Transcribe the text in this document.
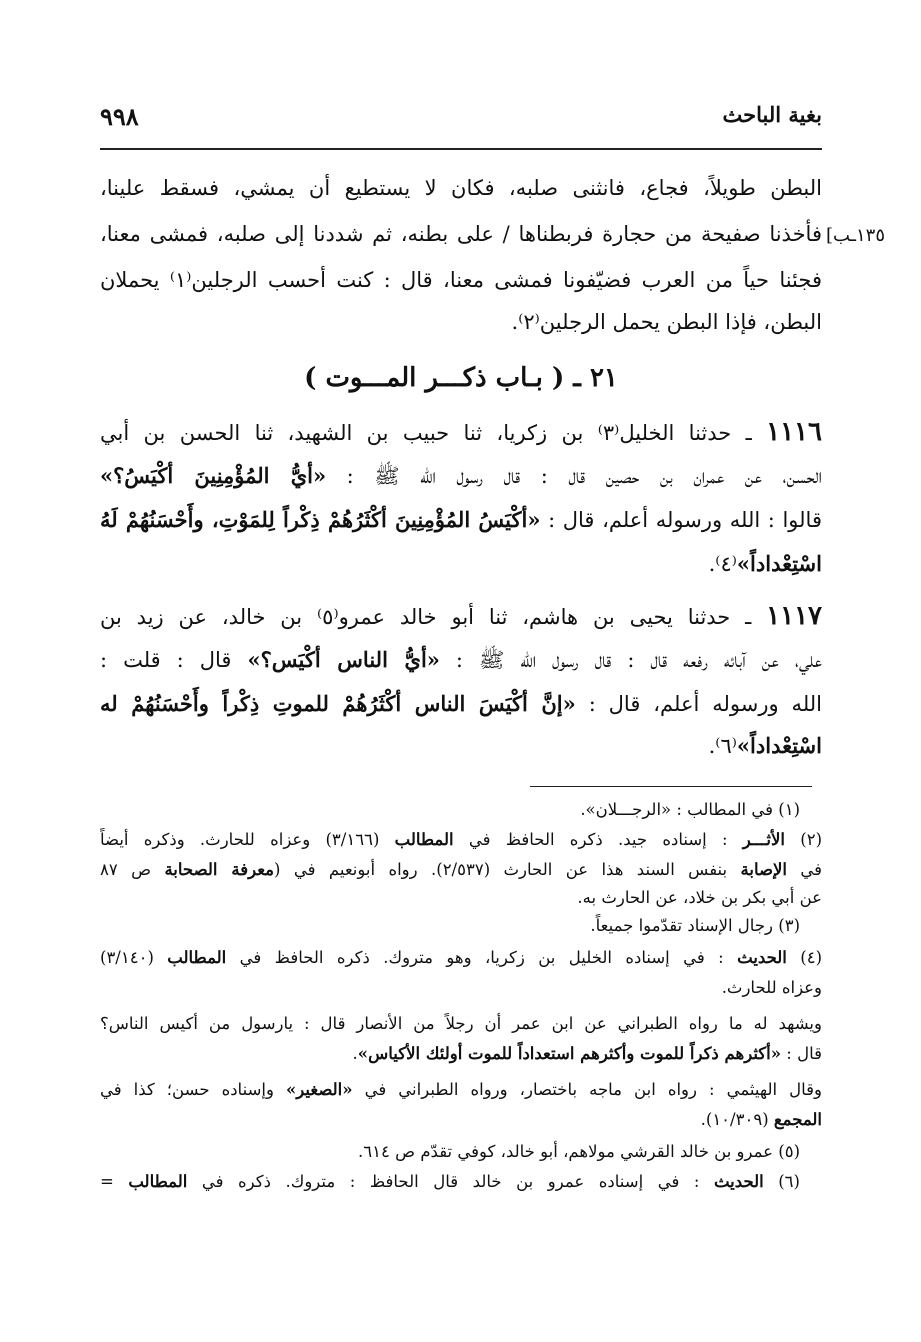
٩٩٨	بغية الباحث
[١٣٥ـب
البطن طويلاً، فجاع، فانثنى صلبه، فكان لا يستطيع أن يمشي، فسقط علينا،
فأخذنا صفيحة من حجارة فربطناها / على بطنه، ثم شددنا إلى صلبه، فمشى معنا،
فجئنا حياً من العرب فضيّفونا فمشى معنا، قال : كنت أحسب الرجلين⁽١⁾ يحملان
البطن، فإذا البطن يحمل الرجلين⁽٢⁾.
٢١ ـ ( بـاب ذكـــر المـــوت )
١١١٦ ـ حدثنا الخليل⁽٣⁾ بن زكريا، ثنا حبيب بن الشهيد، ثنا الحسن بن أبي
الحسن، عن عمران بن حصين قال : قال رسول الله ﷺ : «أيُّ المُؤْمِنِينَ أكْيَسُ؟»
قالوا : الله ورسوله أعلم، قال : «أكْيَسُ المُؤْمِنِينَ أكْثَرُهُمْ ذِكْراً لِلمَوْتِ، وأَحْسَنُهُمْ لَهُ
اسْتِعْداداً»⁽٤⁾.
١١١٧ ـ حدثنا يحيى بن هاشم، ثنا أبو خالد عمرو⁽٥⁾ بن خالد، عن زيد بن
علي، عن آبائه رفعه قال : قال رسول الله ﷺ : «أيُّ الناس أكْيَس؟» قال : قلت :
الله ورسوله أعلم، قال : «إنَّ أكْيَسَ الناس أكْثَرُهُمْ للموتِ ذِكْراً وأَحْسَنُهُمْ له
اسْتِعْداداً»⁽٦⁾.
(١) في المطالب : «الرجـــلان».
(٢) الأثـــر : إسناده جيد. ذكره الحافظ في المطالب (٣/١٦٦) وعزاه للحارث. وذكره أيضاً
في الإصابة بنفس السند هذا عن الحارث (٢/٥٣٧). رواه أبونعيم في (معرفة الصحابة ص ٨٧
عن أبي بكر بن خلاد، عن الحارث به.
(٣) رجال الإسناد تقدّموا جميعاً.
(٤) الحديث : في إسناده الخليل بن زكريا، وهو متروك. ذكره الحافظ في المطالب (٣/١٤٠)
وعزاه للحارث.
ويشهد له ما رواه الطبراني عن ابن عمر أن رجلاً من الأنصار قال : يارسول من أكيس الناس؟
قال : «أكثرهم ذكراً للموت وأكثرهم استعداداً للموت أولئك الأكياس».
وقال الهيثمي : رواه ابن ماجه باختصار، ورواه الطبراني في «الصغير» وإسناده حسن؛ كذا في
المجمع (١٠/٣٠٩).
(٥) عمرو بن خالد القرشي مولاهم، أبو خالد، كوفي تقدّم ص ٦١٤.
(٦) الحديث : في إسناده عمرو بن خالد قال الحافظ : متروك. ذكره في المطالب =
